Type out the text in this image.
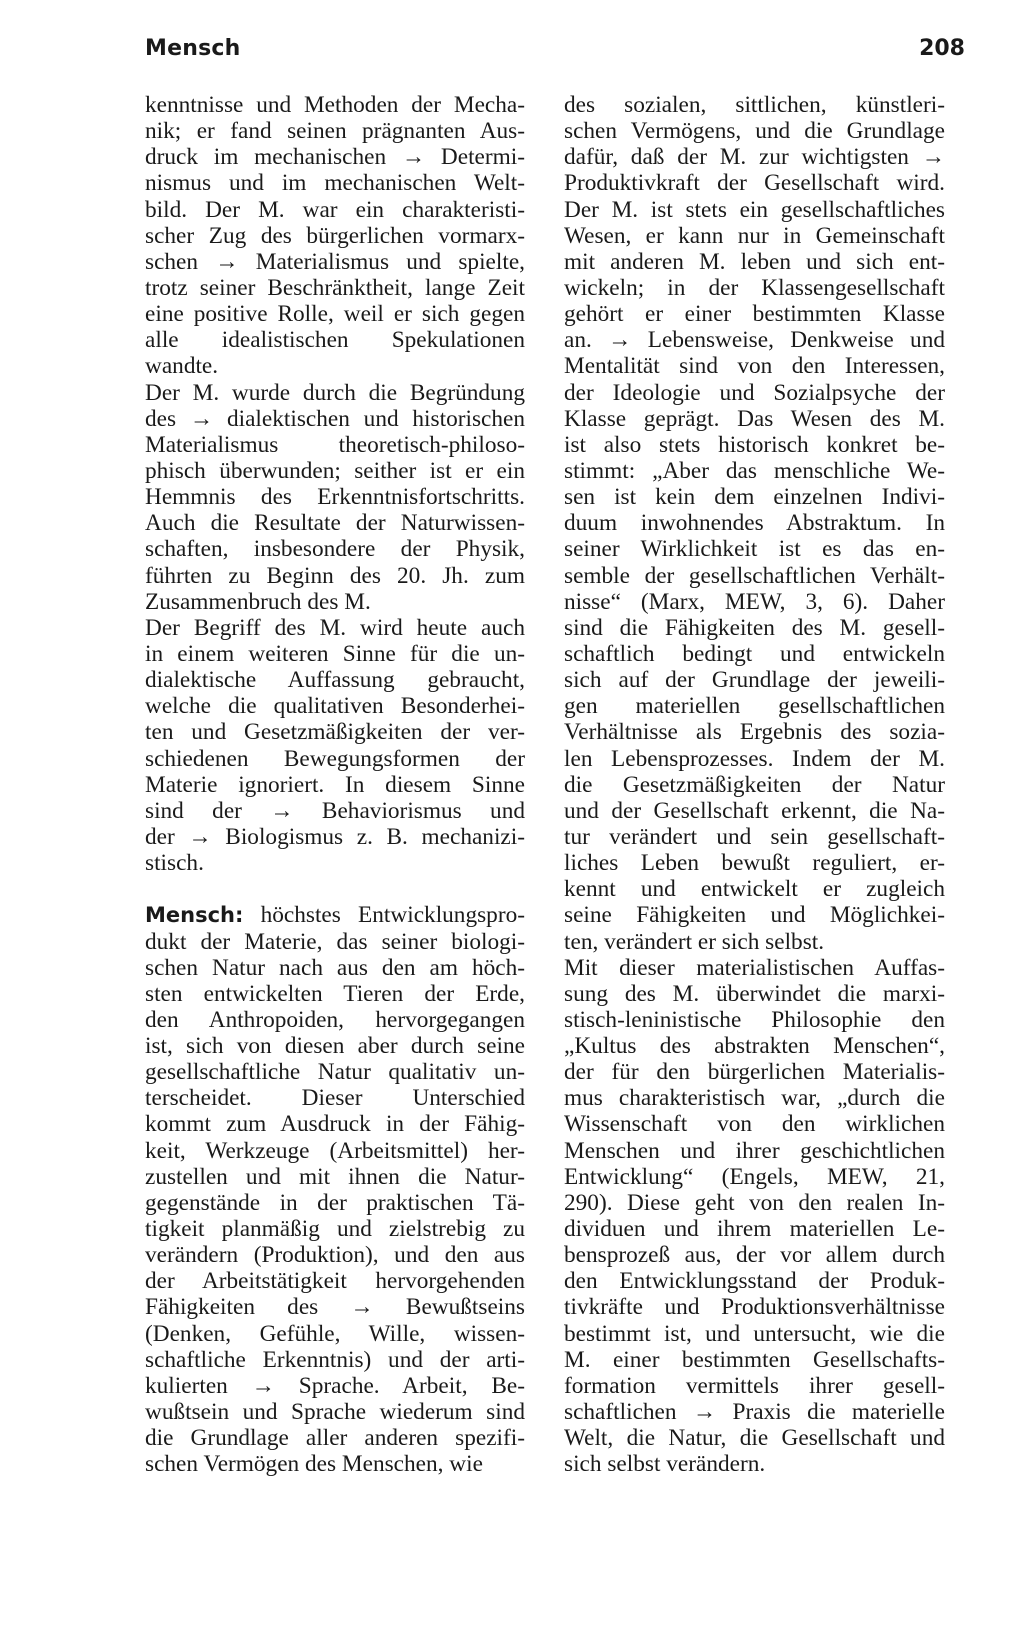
Mensch	208
kenntnisse und Methoden der Mecha-
nik; er fand seinen prägnanten Aus-
druck im mechanischen → Determi-
nismus und im mechanischen Welt-
bild. Der M. war ein charakteristi-
scher Zug des bürgerlichen vormarx-
schen → Materialismus und spielte,
trotz seiner Beschränktheit, lange Zeit
eine positive Rolle, weil er sich gegen
alle idealistischen Spekulationen
wandte.
Der M. wurde durch die Begründung
des → dialektischen und historischen
Materialismus theoretisch-philoso-
phisch überwunden; seither ist er ein
Hemmnis des Erkenntnisfortschritts.
Auch die Resultate der Naturwissen-
schaften, insbesondere der Physik,
führten zu Beginn des 20. Jh. zum
Zusammenbruch des M.
Der Begriff des M. wird heute auch
in einem weiteren Sinne für die un-
dialektische Auffassung gebraucht,
welche die qualitativen Besonderhei-
ten und Gesetzmäßigkeiten der ver-
schiedenen Bewegungsformen der
Materie ignoriert. In diesem Sinne
sind der → Behaviorismus und
der → Biologismus z. B. mechanizi-
stisch.
Mensch: höchstes Entwicklungspro-
dukt der Materie, das seiner biologi-
schen Natur nach aus den am höch-
sten entwickelten Tieren der Erde,
den Anthropoiden, hervorgegangen
ist, sich von diesen aber durch seine
gesellschaftliche Natur qualitativ un-
terscheidet. Dieser Unterschied
kommt zum Ausdruck in der Fähig-
keit, Werkzeuge (Arbeitsmittel) her-
zustellen und mit ihnen die Natur-
gegenstände in der praktischen Tä-
tigkeit planmäßig und zielstrebig zu
verändern (Produktion), und den aus
der Arbeitstätigkeit hervorgehenden
Fähigkeiten des → Bewußtseins
(Denken, Gefühle, Wille, wissen-
schaftliche Erkenntnis) und der arti-
kulierten → Sprache. Arbeit, Be-
wußtsein und Sprache wiederum sind
die Grundlage aller anderen spezifi-
schen Vermögen des Menschen, wie
des sozialen, sittlichen, künstleri-
schen Vermögens, und die Grundlage
dafür, daß der M. zur wichtigsten →
Produktivkraft der Gesellschaft wird.
Der M. ist stets ein gesellschaftliches
Wesen, er kann nur in Gemeinschaft
mit anderen M. leben und sich ent-
wickeln; in der Klassengesellschaft
gehört er einer bestimmten Klasse
an. → Lebensweise, Denkweise und
Mentalität sind von den Interessen,
der Ideologie und Sozialpsyche der
Klasse geprägt. Das Wesen des M.
ist also stets historisch konkret be-
stimmt: „Aber das menschliche We-
sen ist kein dem einzelnen Indivi-
duum inwohnendes Abstraktum. In
seiner Wirklichkeit ist es das en-
semble der gesellschaftlichen Verhält-
nisse“ (Marx, MEW, 3, 6). Daher
sind die Fähigkeiten des M. gesell-
schaftlich bedingt und entwickeln
sich auf der Grundlage der jeweili-
gen materiellen gesellschaftlichen
Verhältnisse als Ergebnis des sozia-
len Lebensprozesses. Indem der M.
die Gesetzmäßigkeiten der Natur
und der Gesellschaft erkennt, die Na-
tur verändert und sein gesellschaft-
liches Leben bewußt reguliert, er-
kennt und entwickelt er zugleich
seine Fähigkeiten und Möglichkei-
ten, verändert er sich selbst.
Mit dieser materialistischen Auffas-
sung des M. überwindet die marxi-
stisch-leninistische Philosophie den
„Kultus des abstrakten Menschen“,
der für den bürgerlichen Materialis-
mus charakteristisch war, „durch die
Wissenschaft von den wirklichen
Menschen und ihrer geschichtlichen
Entwicklung“ (Engels, MEW, 21,
290). Diese geht von den realen In-
dividuen und ihrem materiellen Le-
bensprozeß aus, der vor allem durch
den Entwicklungsstand der Produk-
tivkräfte und Produktionsverhältnisse
bestimmt ist, und untersucht, wie die
M. einer bestimmten Gesellschafts-
formation vermittels ihrer gesell-
schaftlichen → Praxis die materielle
Welt, die Natur, die Gesellschaft und
sich selbst verändern.
